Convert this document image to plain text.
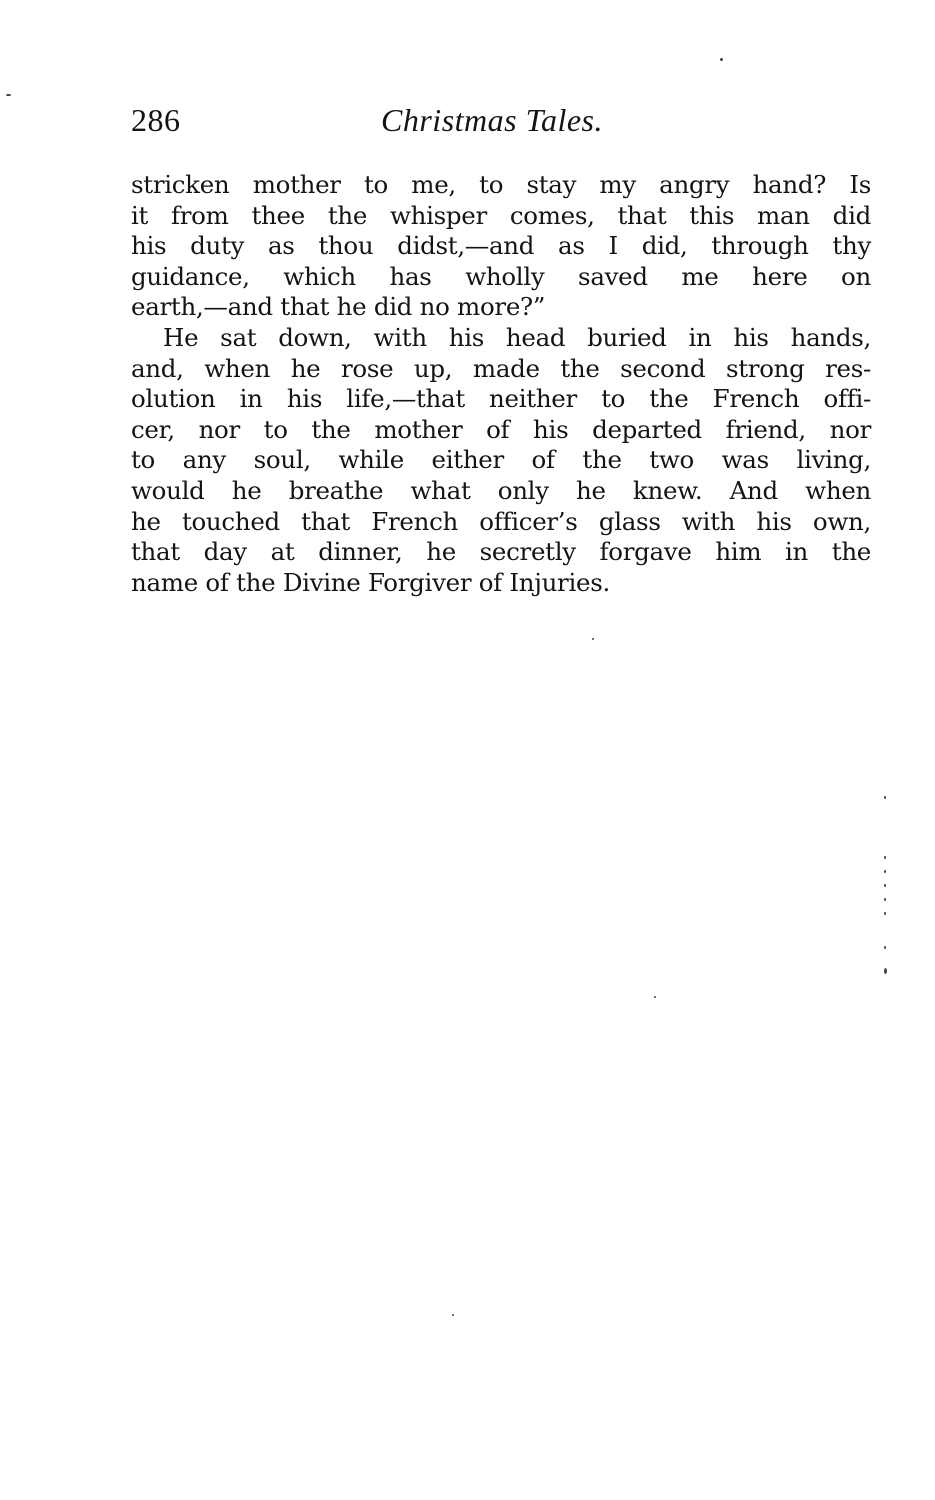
286	Christmas Tales.
stricken mother to me, to stay my angry hand? Is
it from thee the whisper comes, that this man did
his duty as thou didst,—and as I did, through thy
guidance, which has wholly saved me here on
earth,—and that he did no more?”
He sat down, with his head buried in his hands,
and, when he rose up, made the second strong res-
olution in his life,—that neither to the French offi-
cer, nor to the mother of his departed friend, nor
to any soul, while either of the two was living,
would he breathe what only he knew. And when
he touched that French officer’s glass with his own,
that day at dinner, he secretly forgave him in the
name of the Divine Forgiver of Injuries.
